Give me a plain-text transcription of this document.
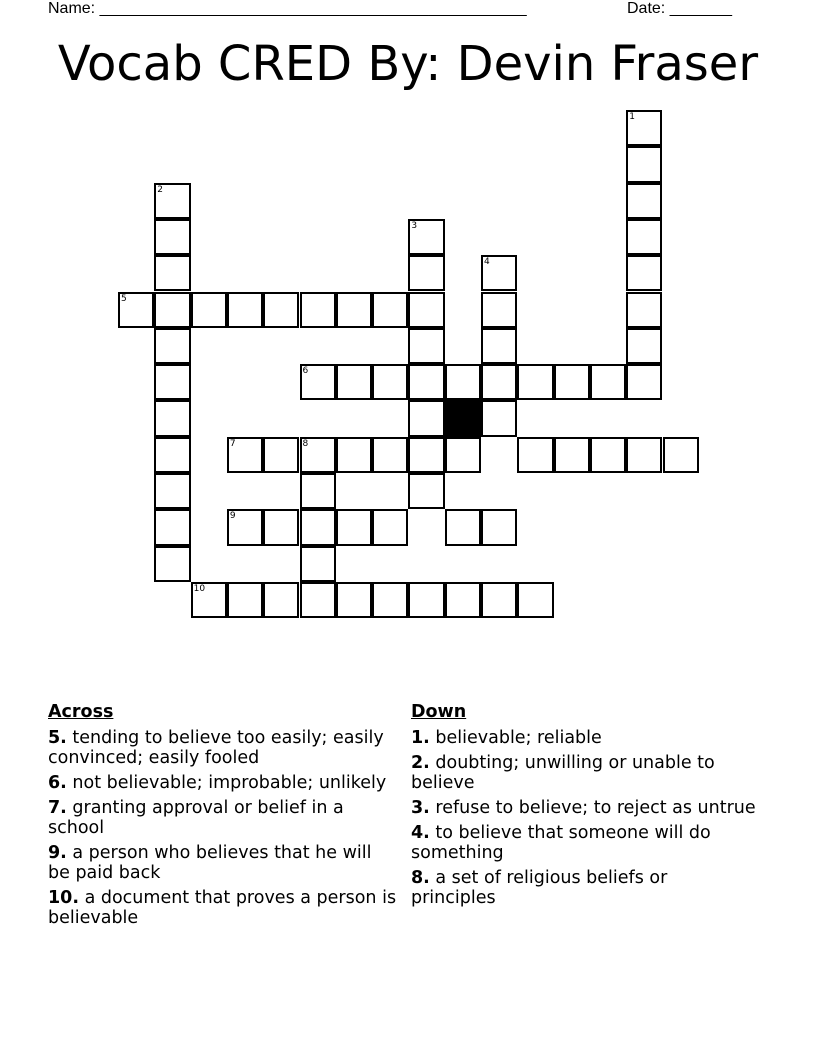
Name: ________________________________________________	Date: _______
Vocab CRED By: Devin Fraser
1
2
3
4
5
6
7	8
9
10
Across
5. tending to believe too easily; easily convinced; easily fooled
6. not believable; improbable; unlikely
7. granting approval or belief in a school
9. a person who believes that he will be paid back
10. a document that proves a person is believable
Down
1. believable; reliable
2. doubting; unwilling or unable to believe
3. refuse to believe; to reject as untrue
4. to believe that someone will do something
8. a set of religious beliefs or principles
